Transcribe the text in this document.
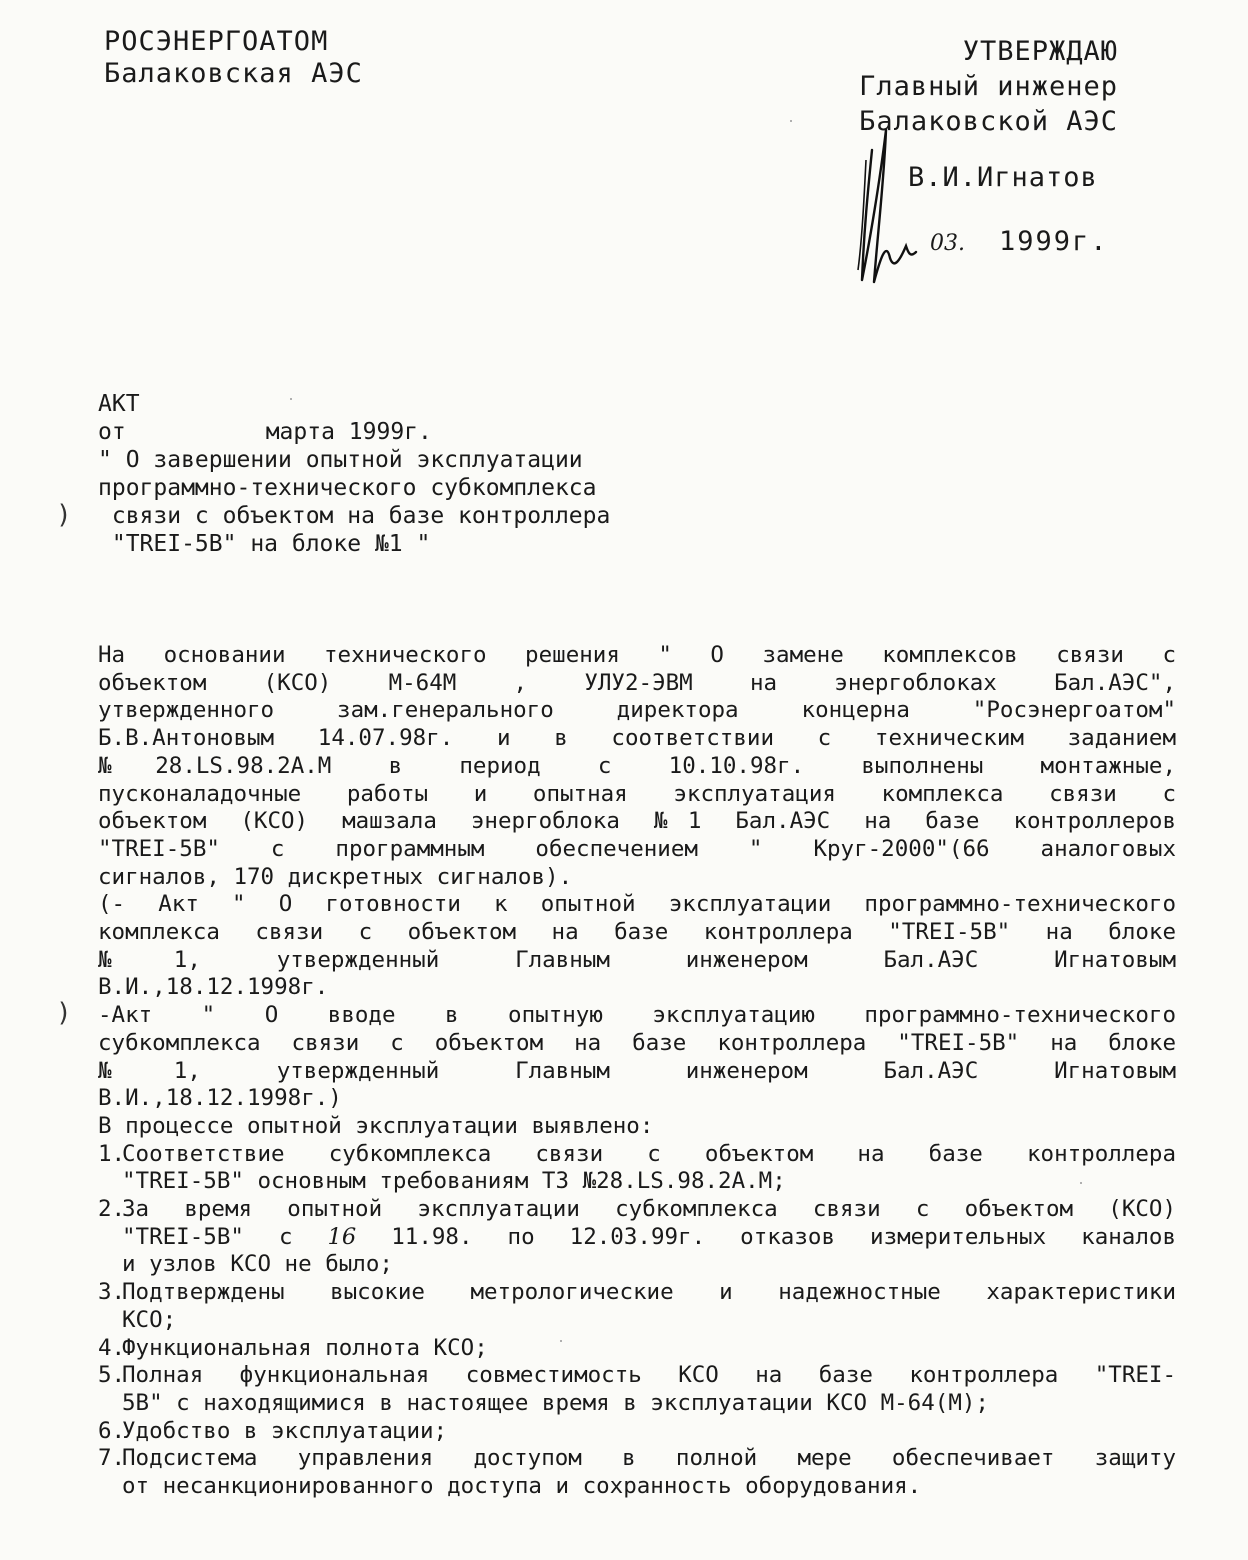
РОСЭНЕРГОАТОМ
Балаковская АЭС
УТВЕРЖДАЮ
Главный инженер
Балаковской АЭС
В.И.Игнатов
03. 1999г.
АКТ
от	марта 1999г.
" О завершении опытной эксплуатации
программно-технического субкомплекса
связи с объектом на базе контроллера
"TREI-5B" на блоке №1 "
)
)
На основании технического решения " О замене комплексов связи с
объектом (КСО) М-64М , УЛУ2-ЭВМ на энергоблоках Бал.АЭС",
утвержденного зам.генерального директора концерна "Росэнергоатом"
Б.В.Антоновым 14.07.98г. и в соответствии с техническим заданием
№28.LS.98.2A.M в период с 10.10.98г. выполнены монтажные,
пусконаладочные работы и опытная эксплуатация комплекса связи с
объектом (КСО) машзала энергоблока №1 Бал.АЭС на базе контроллеров
"TREI-5B" с программным обеспечением " Круг-2000"(66 аналоговых
сигналов, 170 дискретных сигналов).
(- Акт " О готовности к опытной эксплуатации программно-технического
комплекса связи с объектом на базе контроллера "TREI-5B" на блоке
№1, утвержденный Главным инженером Бал.АЭС Игнатовым
В.И.,18.12.1998г.
-Акт " О вводе в опытную эксплуатацию программно-технического
субкомплекса связи с объектом на базе контроллера "TREI-5B" на блоке
№1, утвержденный Главным инженером Бал.АЭС Игнатовым
В.И.,18.12.1998г.)
В процессе опытной эксплуатации выявлено:
1.
Соответствие субкомплекса связи с объектом на базе контроллера
"TREI-5B" основным требованиям ТЗ №28.LS.98.2A.M;
2.
За время опытной эксплуатации субкомплекса связи с объектом (КСО)
"TREI-5B" с 16 11.98. по 12.03.99г. отказов измерительных каналов
и узлов КСО не было;
3.
Подтверждены высокие метрологические и надежностные характеристики
КСО;
4.
Функциональная полнота КСО;
5.
Полная функциональная совместимость КСО на базе контроллера "TREI-
5B" с находящимися в настоящее время в эксплуатации КСО М-64(М);
6.
Удобство в эксплуатации;
7.
Подсистема управления доступом в полной мере обеспечивает защиту
от несанкционированного доступа и сохранность оборудования.
